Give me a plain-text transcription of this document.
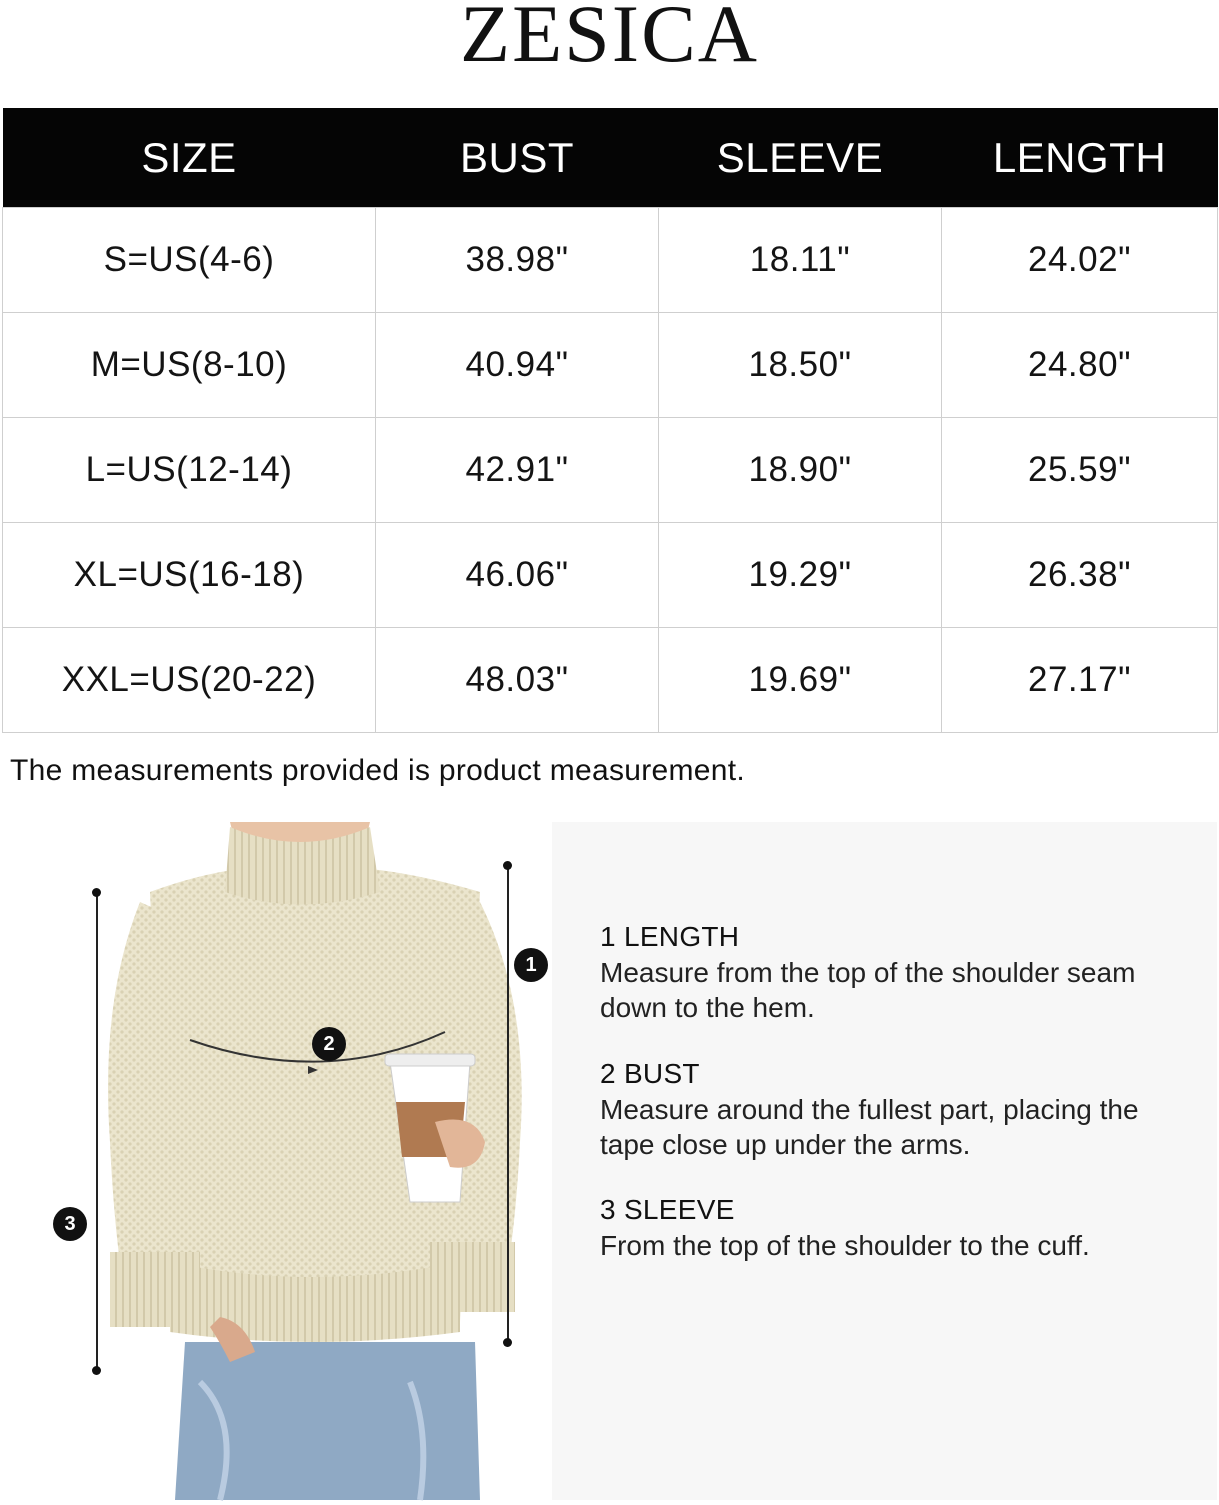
ZESICA
SIZE	BUST	SLEEVE	LENGTH
S=US(4-6)	38.98"	18.11"	24.02"
M=US(8-10)	40.94"	18.50"	24.80"
L=US(12-14)	42.91"	18.90"	25.59"
XL=US(16-18)	46.06"	19.29"	26.38"
XXL=US(20-22)	48.03"	19.69"	27.17"
The measurements provided is product measurement.
1
2
3
1 LENGTH
Measure from the top of the shoulder seam down to the hem.
2 BUST
Measure around the fullest part, placing the tape close up under the arms.
3 SLEEVE
From the top of the shoulder to the cuff.
